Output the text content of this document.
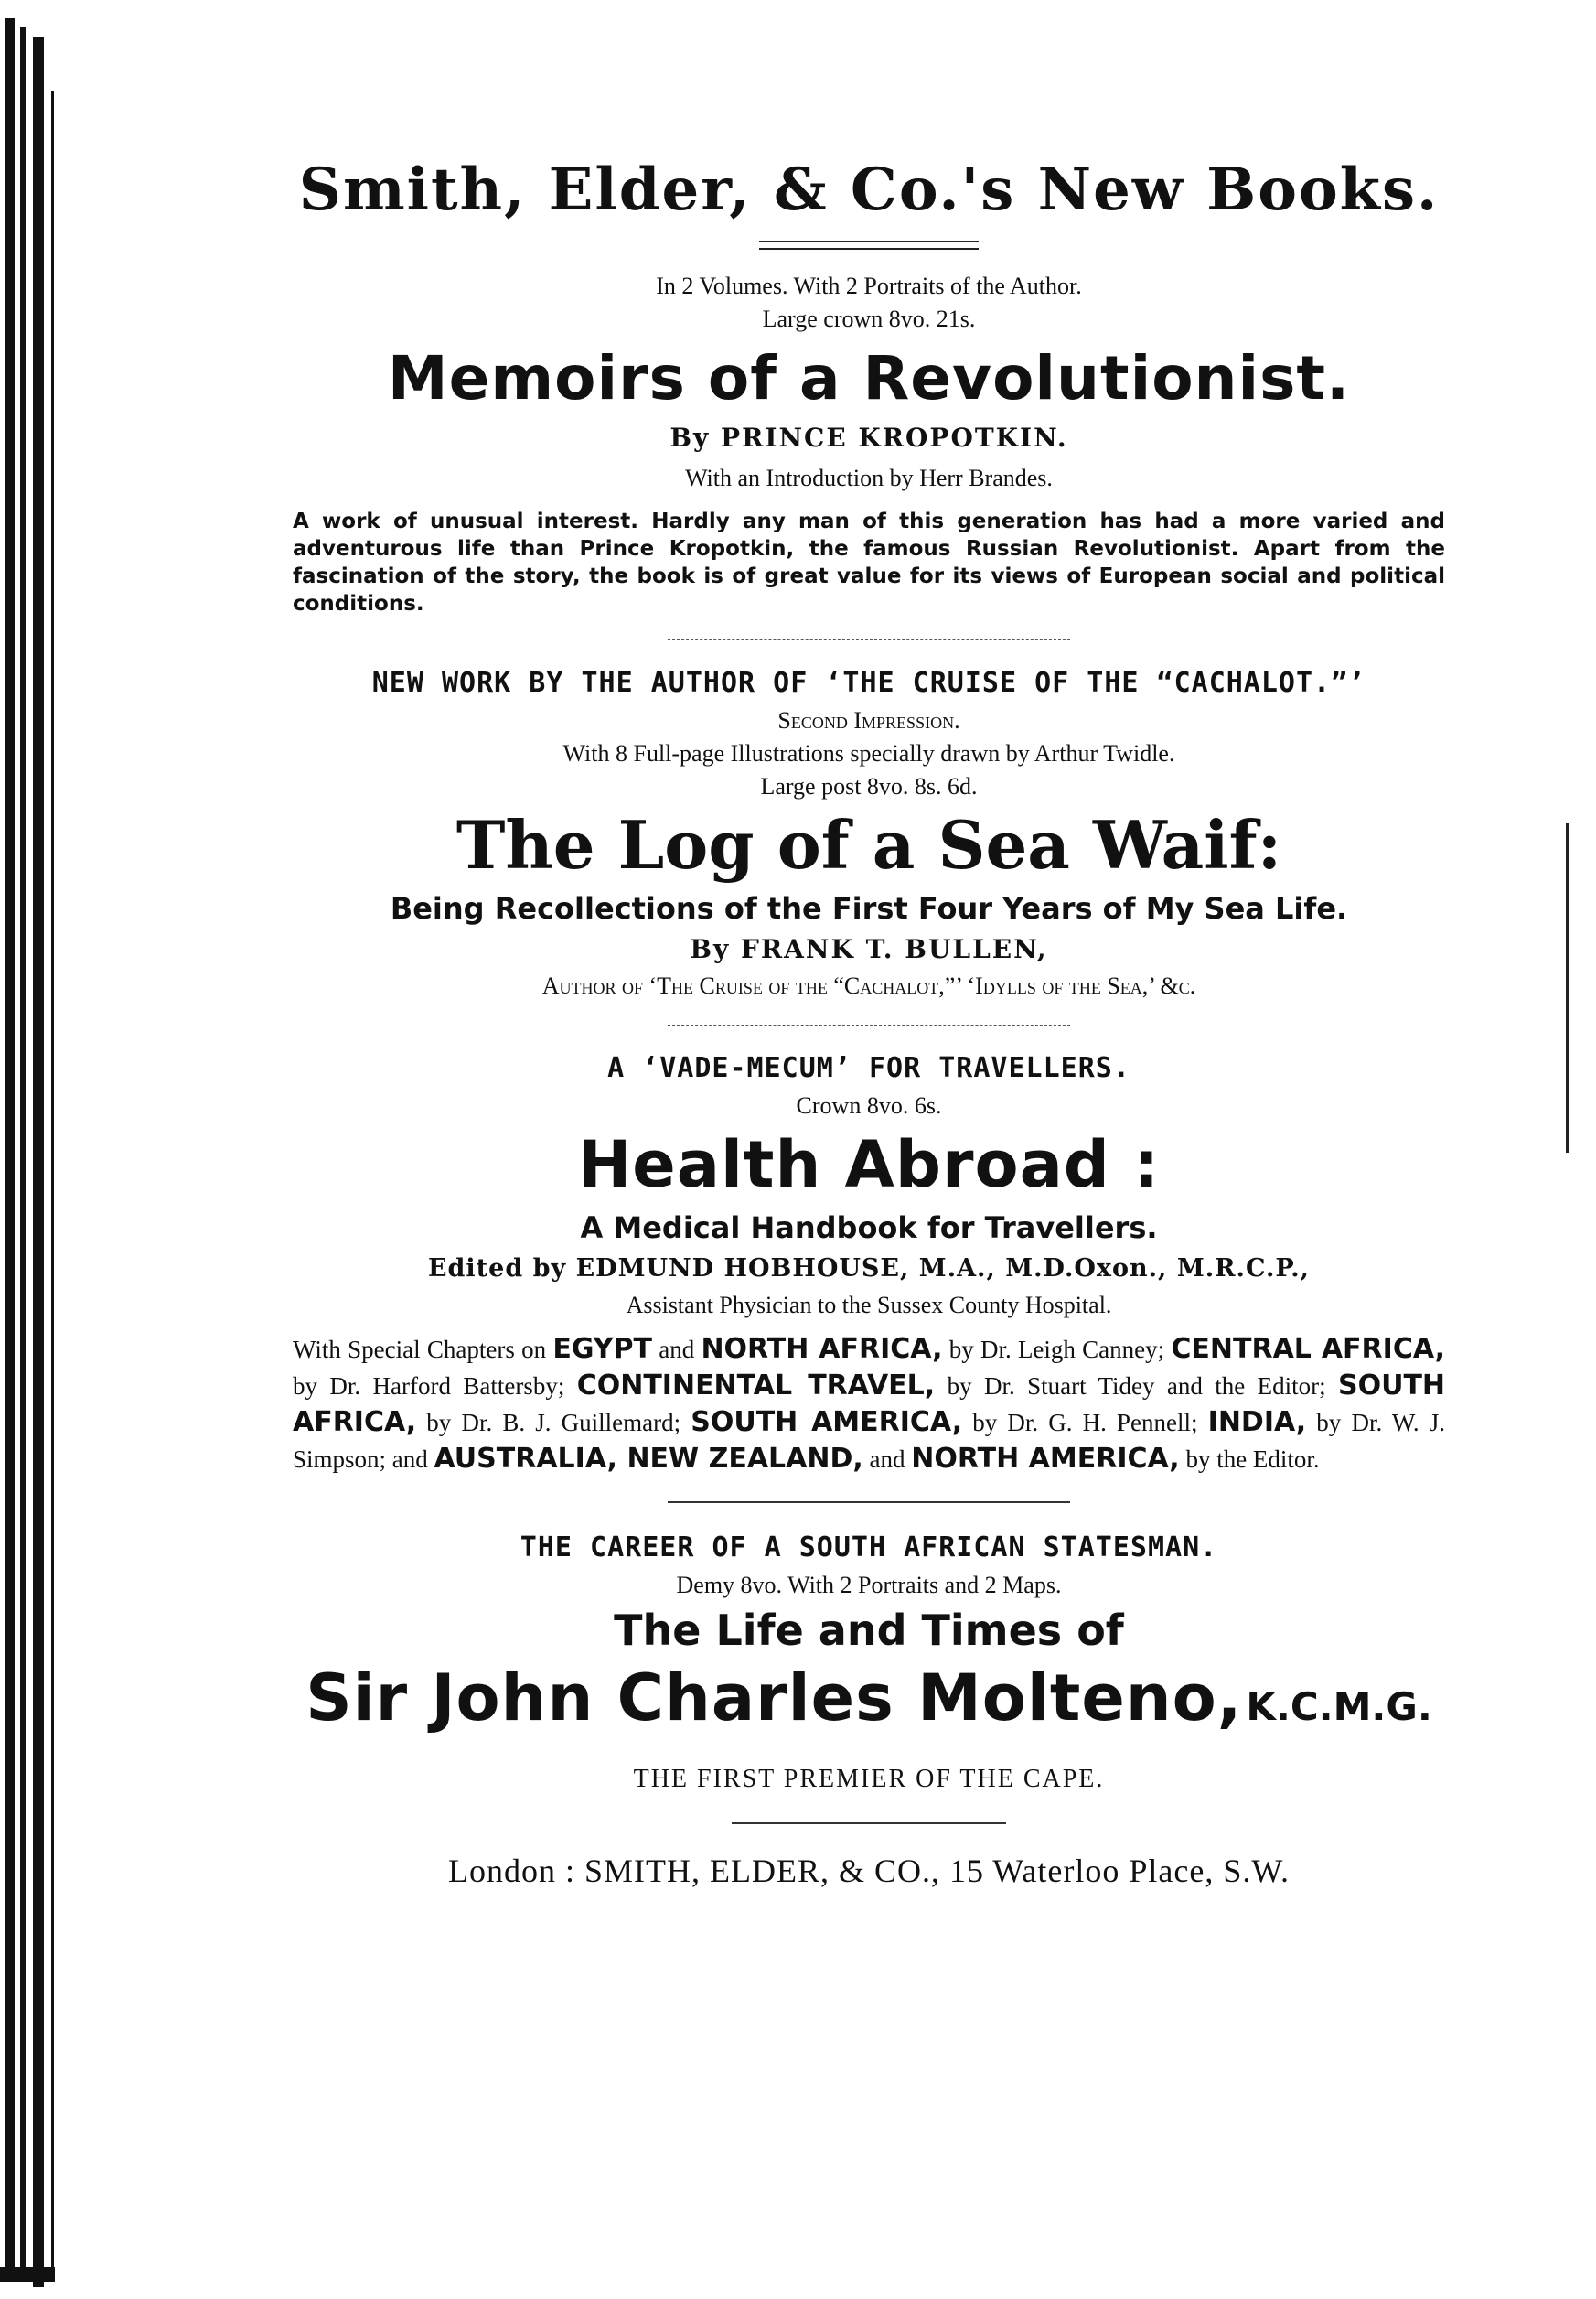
Smith, Elder, & Co.'s New Books.
In 2 Volumes. With 2 Portraits of the Author.
Large crown 8vo. 21s.
Memoirs of a Revolutionist.
By PRINCE KROPOTKIN.
With an Introduction by Herr Brandes.
A work of unusual interest. Hardly any man of this generation has had a more varied and adventurous life than Prince Kropotkin, the famous Russian Revolutionist. Apart from the fascination of the story, the book is of great value for its views of European social and political conditions.
NEW WORK BY THE AUTHOR OF ‘THE CRUISE OF THE “CACHALOT.”’
Second Impression.
With 8 Full-page Illustrations specially drawn by Arthur Twidle.
Large post 8vo. 8s. 6d.
The Log of a Sea Waif:
Being Recollections of the First Four Years of My Sea Life.
By FRANK T. BULLEN,
Author of ‘The Cruise of the “Cachalot,”’ ‘Idylls of the Sea,’ &c.
A ‘VADE-MECUM’ FOR TRAVELLERS.
Crown 8vo. 6s.
Health Abroad :
A Medical Handbook for Travellers.
Edited by EDMUND HOBHOUSE, M.A., M.D.Oxon., M.R.C.P.,
Assistant Physician to the Sussex County Hospital.
With Special Chapters on EGYPT and NORTH AFRICA, by Dr. Leigh Canney; CENTRAL AFRICA, by Dr. Harford Battersby; CONTINENTAL TRAVEL, by Dr. Stuart Tidey and the Editor; SOUTH AFRICA, by Dr. B. J. Guillemard; SOUTH AMERICA, by Dr. G. H. Pennell; INDIA, by Dr. W. J. Simpson; and AUSTRALIA, NEW ZEALAND, and NORTH AMERICA, by the Editor.
THE CAREER OF A SOUTH AFRICAN STATESMAN.
Demy 8vo. With 2 Portraits and 2 Maps.
The Life and Times of
Sir John Charles Molteno, K.C.M.G.
THE FIRST PREMIER OF THE CAPE.
London : SMITH, ELDER, & CO., 15 Waterloo Place, S.W.
